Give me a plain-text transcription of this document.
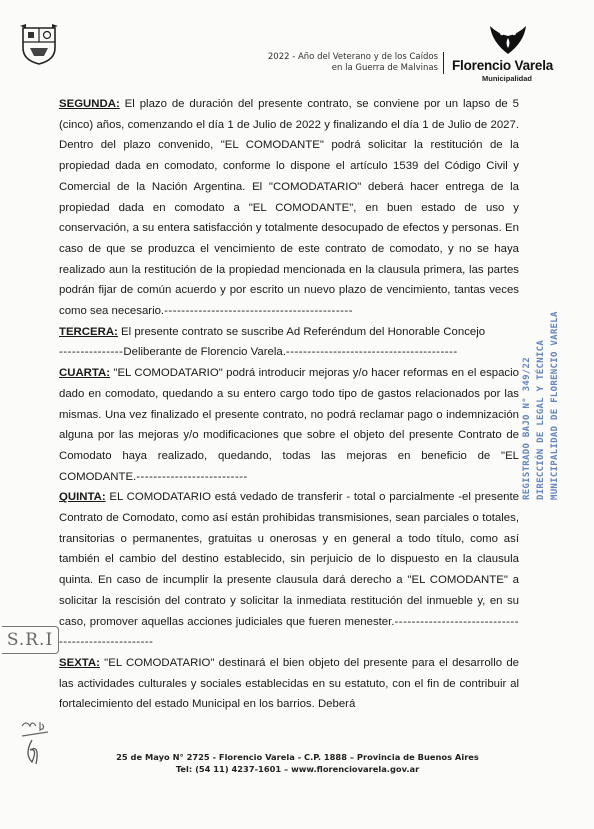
2022 - Año del Veterano y de los Caídos
en la Guerra de Malvinas Florencio Varela
Municipalidad

SEGUNDA: El plazo de duración del presente contrato, se conviene por un lapso de 5 (cinco) años, comenzando el día 1 de Julio de 2022 y finalizando el día 1 de Julio de 2027. Dentro del plazo convenido, "EL COMODANTE" podrá solicitar la restitución de la propiedad dada en comodato, conforme lo dispone el artículo 1539 del Código Civil y Comercial de la Nación Argentina. El "COMODATARIO" deberá hacer entrega de la propiedad dada en comodato a "EL COMODANTE", en buen estado de uso y conservación, a su entera satisfacción y totalmente desocupado de efectos y personas. En caso de que se produzca el vencimiento de este contrato de comodato, y no se haya realizado aun la restitución de la propiedad mencionada en la clausula primera, las partes podrán fijar de común acuerdo y por escrito un nuevo plazo de vencimiento, tantas veces como sea necesario.--------------------------------------------

TERCERA: El presente contrato se suscribe Ad Referéndum del Honorable Concejo

---------------Deliberante de Florencio Varela.----------------------------------------

CUARTA: "EL COMODATARIO" podrá introducir mejoras y/o hacer reformas en el espacio dado en comodato, quedando a su entero cargo todo tipo de gastos relacionados por las mismas. Una vez finalizado el presente contrato, no podrá reclamar pago o indemnización alguna por las mejoras y/o modificaciones que sobre el objeto del presente Contrato de Comodato haya realizado, quedando, todas las mejoras en beneficio de "EL COMODANTE.--------------------------

QUINTA: EL COMODATARIO está vedado de transferir - total o parcialmente -el presente Contrato de Comodato, como así están prohibidas transmisiones, sean parciales o totales, transitorias o permanentes, gratuitas u onerosas y en general a todo título, como así también el cambio del destino establecido, sin perjuicio de lo dispuesto en la clausula quinta. En caso de incumplir la presente clausula dará derecho a "EL COMODANTE" a solicitar la rescisión del contrato y solicitar la inmediata restitución del inmueble y, en su caso, promover aquellas acciones judiciales que fueren menester.---------------------------------------------------

SEXTA: "EL COMODATARIO" destinará el bien objeto del presente para el desarrollo de las actividades culturales y sociales establecidas en su estatuto, con el fin de contribuir al fortalecimiento del estado Municipal en los barrios. Deberá

REGISTRADO BAJO N° 349/22 DIRECCIÓN DE LEGAL Y TÉCNICA MUNICIPALIDAD DE FLORENCIO VARELA
S.R.I
25 de Mayo N° 2725 - Florencio Varela - C.P. 1888 – Provincia de Buenos Aires
Tel: (54 11) 4237-1601 – www.florenciovarela.gov.ar
